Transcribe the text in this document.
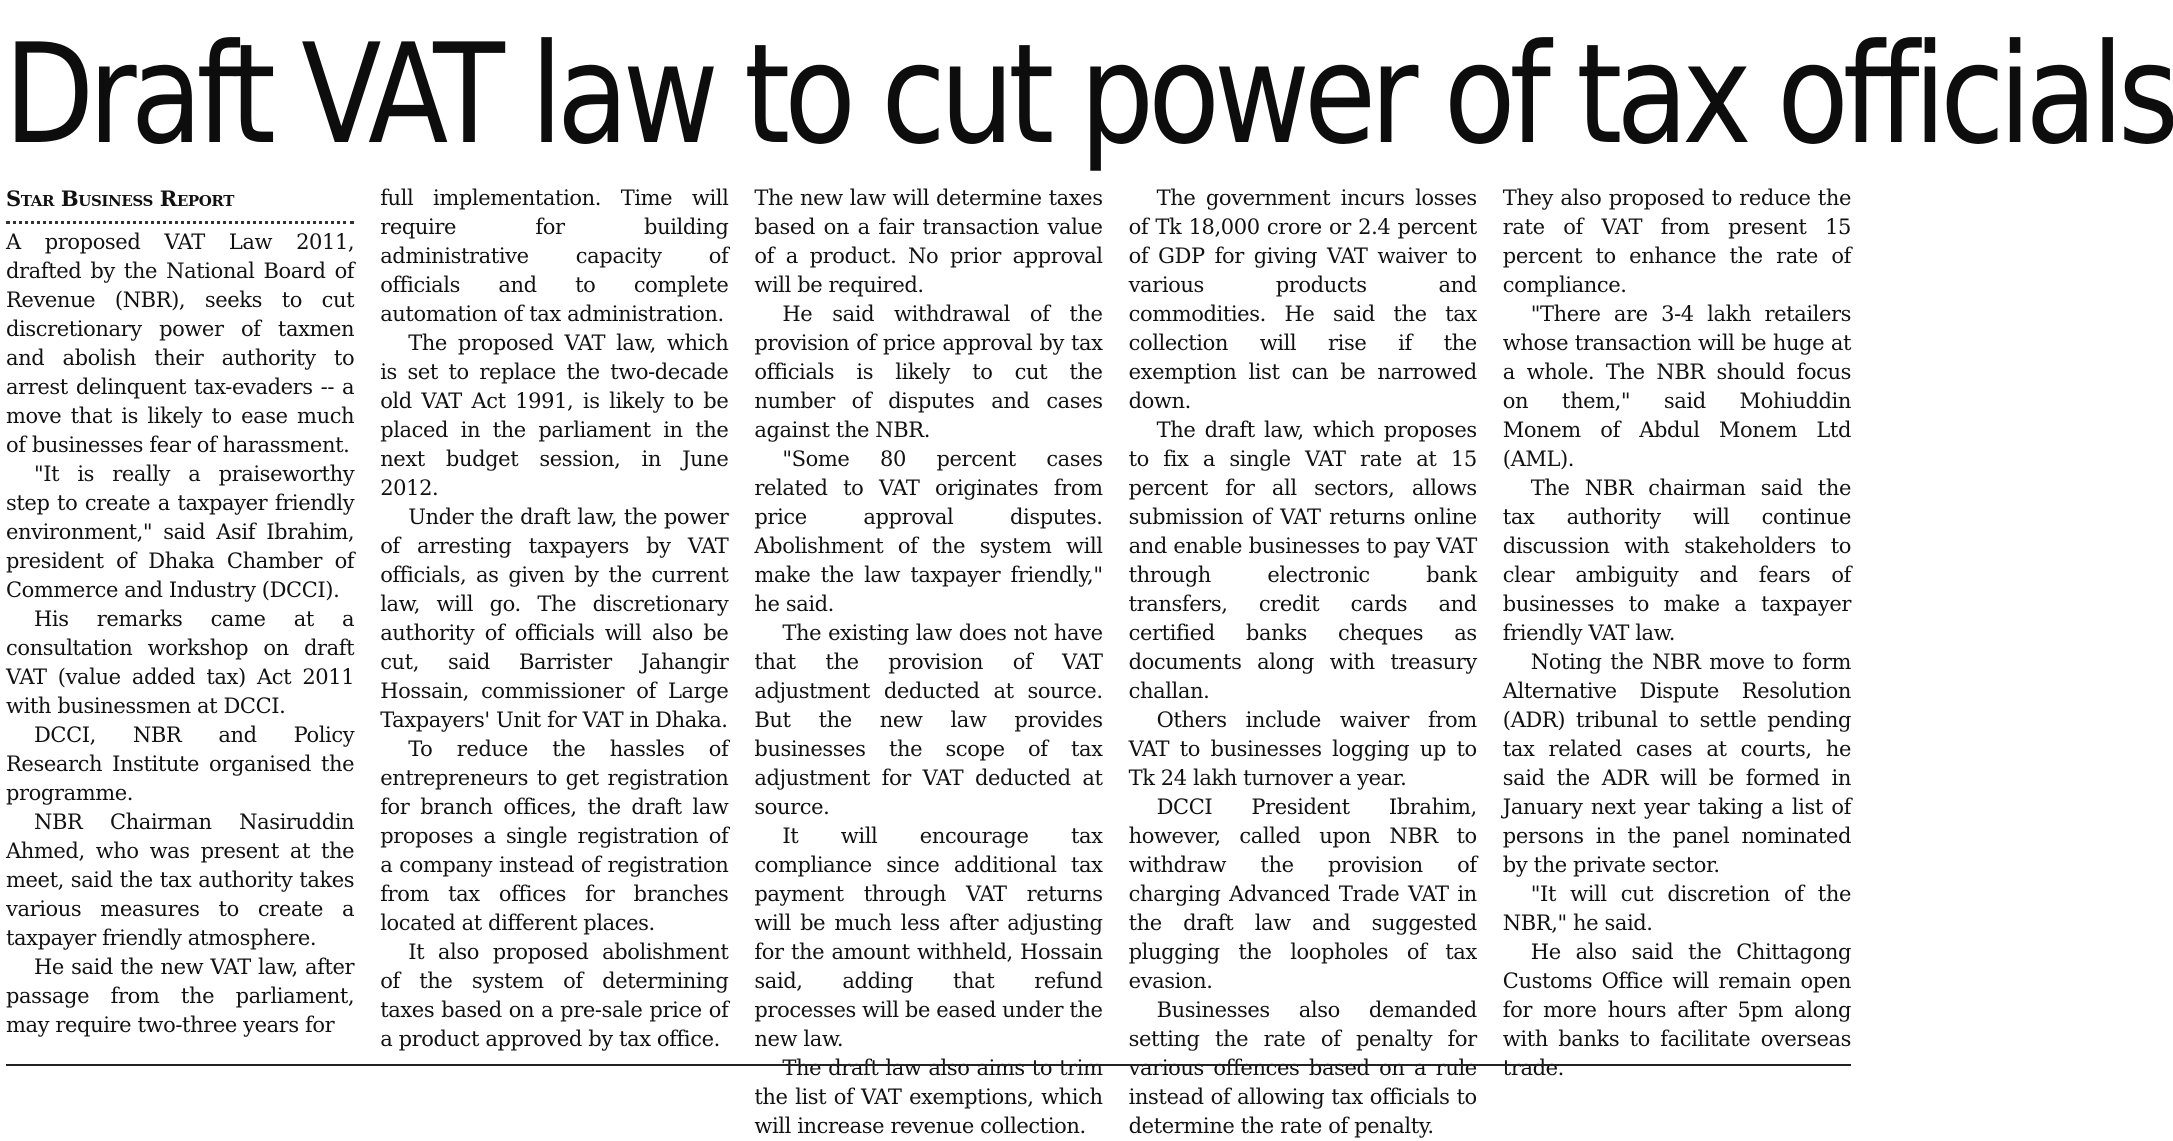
Draft VAT law to cut power of tax officials

Star Business Report

A proposed VAT Law 2011, drafted by the National Board of Revenue (NBR), seeks to cut discretionary power of taxmen and abolish their authority to arrest delinquent tax-evaders -- a move that is likely to ease much of businesses fear of harassment.

"It is really a praiseworthy step to create a taxpayer friendly environment," said Asif Ibrahim, president of Dhaka Chamber of Commerce and Industry (DCCI).

His remarks came at a consultation workshop on draft VAT (value added tax) Act 2011 with businessmen at DCCI.

DCCI, NBR and Policy Research Institute organised the programme.

NBR Chairman Nasiruddin Ahmed, who was present at the meet, said the tax authority takes various measures to create a taxpayer friendly atmosphere.

He said the new VAT law, after passage from the parliament, may require two-three years for

full implementation. Time will require for building administrative capacity of officials and to complete automation of tax administration.

The proposed VAT law, which is set to replace the two-decade old VAT Act 1991, is likely to be placed in the parliament in the next budget session, in June 2012.

Under the draft law, the power of arresting taxpayers by VAT officials, as given by the current law, will go. The discretionary authority of officials will also be cut, said Barrister Jahangir Hossain, commissioner of Large Taxpayers' Unit for VAT in Dhaka.

To reduce the hassles of entrepreneurs to get registration for branch offices, the draft law proposes a single registration of a company instead of registration from tax offices for branches located at different places.

It also proposed abolishment of the system of determining taxes based on a pre-sale price of a product approved by tax office.

The new law will determine taxes based on a fair transaction value of a product. No prior approval will be required.

He said withdrawal of the provision of price approval by tax officials is likely to cut the number of disputes and cases against the NBR.

"Some 80 percent cases related to VAT originates from price approval disputes. Abolishment of the system will make the law taxpayer friendly," he said.

The existing law does not have that the provision of VAT adjustment deducted at source. But the new law provides businesses the scope of tax adjustment for VAT deducted at source.

It will encourage tax compliance since additional tax payment through VAT returns will be much less after adjusting for the amount withheld, Hossain said, adding that refund processes will be eased under the new law.

The draft law also aims to trim the list of VAT exemptions, which will increase revenue collection.

The government incurs losses of Tk 18,000 crore or 2.4 percent of GDP for giving VAT waiver to various products and commodities. He said the tax collection will rise if the exemption list can be narrowed down.

The draft law, which proposes to fix a single VAT rate at 15 percent for all sectors, allows submission of VAT returns online and enable businesses to pay VAT through electronic bank transfers, credit cards and certified banks cheques as documents along with treasury challan.

Others include waiver from VAT to businesses logging up to Tk 24 lakh turnover a year.

DCCI President Ibrahim, however, called upon NBR to withdraw the provision of charging Advanced Trade VAT in the draft law and suggested plugging the loopholes of tax evasion.

Businesses also demanded setting the rate of penalty for various offences based on a rule instead of allowing tax officials to determine the rate of penalty.

They also proposed to reduce the rate of VAT from present 15 percent to enhance the rate of compliance.

"There are 3-4 lakh retailers whose transaction will be huge at a whole. The NBR should focus on them," said Mohiuddin Monem of Abdul Monem Ltd (AML).

The NBR chairman said the tax authority will continue discussion with stakeholders to clear ambiguity and fears of businesses to make a taxpayer friendly VAT law.

Noting the NBR move to form Alternative Dispute Resolution (ADR) tribunal to settle pending tax related cases at courts, he said the ADR will be formed in January next year taking a list of persons in the panel nominated by the private sector.

"It will cut discretion of the NBR," he said.

He also said the Chittagong Customs Office will remain open for more hours after 5pm along with banks to facilitate overseas trade.
